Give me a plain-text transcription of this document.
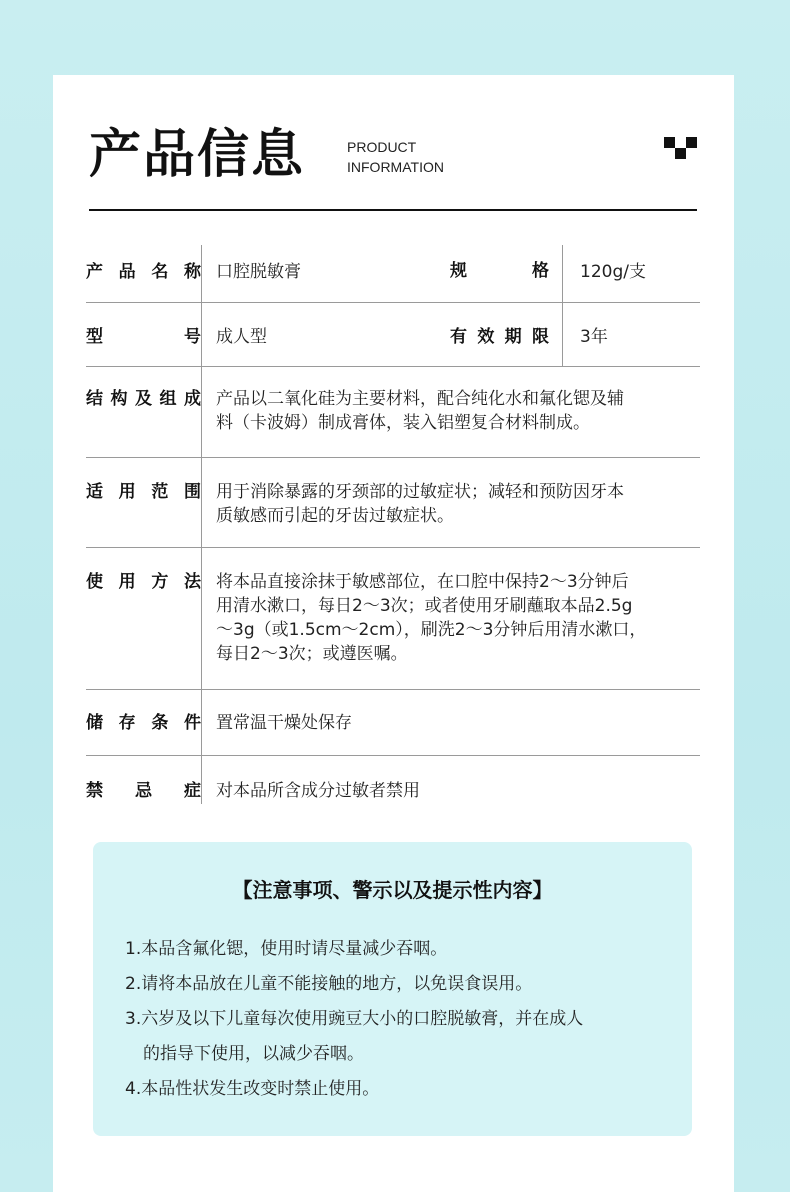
产品信息	PRODUCT
INFORMATION
产品名称 口腔脱敏膏	规格 120g/支
型号 成人型	有效期限 3年
结构及组成 产品以二氧化硅为主要材料，配合纯化水和氟化锶及辅
料（卡波姆）制成膏体，装入铝塑复合材料制成。
适用范围 用于消除暴露的牙颈部的过敏症状；减轻和预防因牙本
质敏感而引起的牙齿过敏症状。
使用方法 将本品直接涂抹于敏感部位，在口腔中保持2～3分钟后
用清水漱口，每日2～3次；或者使用牙刷蘸取本品2.5g
～3g（或1.5cm～2cm），刷洗2～3分钟后用清水漱口，
每日2～3次；或遵医嘱。
储存条件 置常温干燥处保存
禁忌症 对本品所含成分过敏者禁用
【注意事项、警示以及提示性内容】
1.本品含氟化锶，使用时请尽量减少吞咽。
2.请将本品放在儿童不能接触的地方，以免误食误用。
3.六岁及以下儿童每次使用豌豆大小的口腔脱敏膏，并在成人
的指导下使用，以减少吞咽。
4.本品性状发生改变时禁止使用。
